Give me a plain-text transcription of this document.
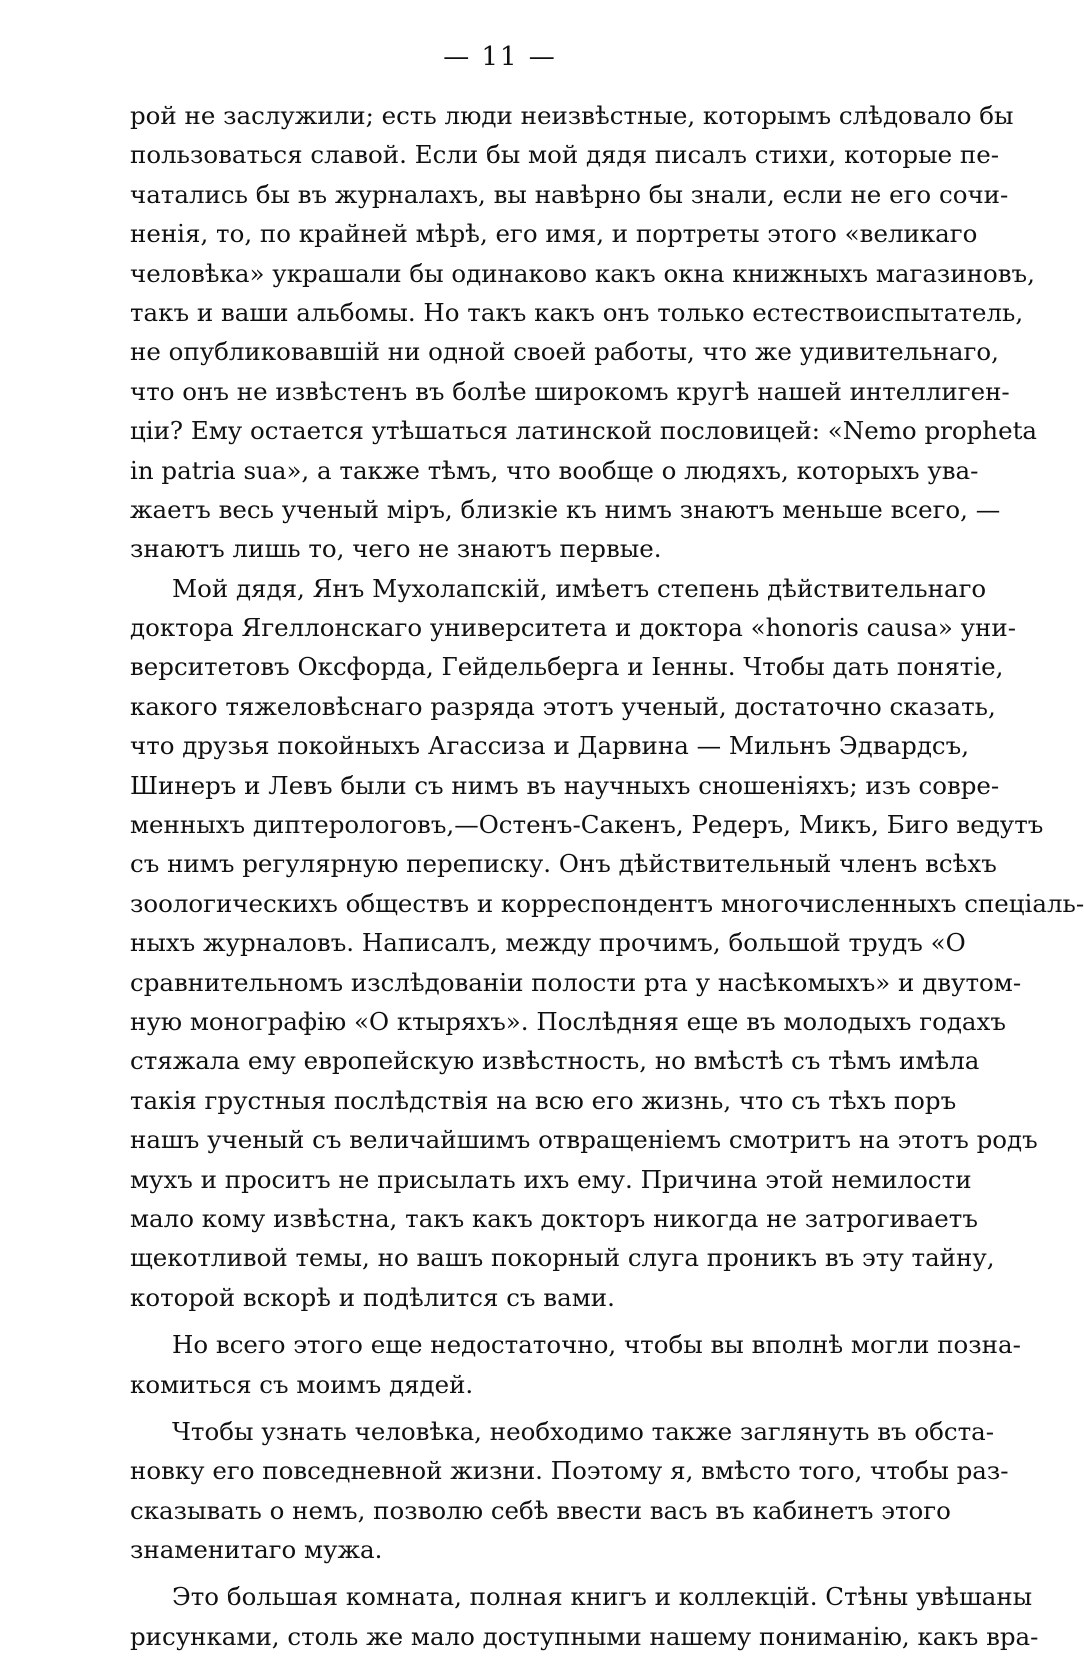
— 11 —
рой не заслужили; есть люди неизвѣстные, которымъ слѣдовало бы
пользоваться славой. Если бы мой дядя писалъ стихи, которые пе-
чатались бы въ журналахъ, вы навѣрно бы знали, если не его сочи-
ненія, то, по крайней мѣрѣ, его имя, и портреты этого «великаго
человѣка» украшали бы одинаково какъ окна книжныхъ магазиновъ,
такъ и ваши альбомы. Но такъ какъ онъ только естествоиспытатель,
не опубликовавшій ни одной своей работы, что же удивительнаго,
что онъ не извѣстенъ въ болѣе широкомъ кругѣ нашей интеллиген-
ціи? Ему остается утѣшаться латинской пословицей: «Nemo propheta
in patria sua», а также тѣмъ, что вообще о людяхъ, которыхъ ува-
жаетъ весь ученый міръ, близкіе къ нимъ знаютъ меньше всего, —
знаютъ лишь то, чего не знаютъ первые.
Мой дядя, Янъ Мухолапскій, имѣетъ степень дѣйствительнаго
доктора Ягеллонскаго университета и доктора «honoris causa» уни-
верситетовъ Оксфорда, Гейдельберга и Іенны. Чтобы дать понятіе,
какого тяжеловѣснаго разряда этотъ ученый, достаточно сказать,
что друзья покойныхъ Агассиза и Дарвина — Мильнъ Эдвардсъ,
Шинеръ и Левъ были съ нимъ въ научныхъ сношеніяхъ; изъ совре-
менныхъ диптерологовъ,—Остенъ-Сакенъ, Редеръ, Микъ, Биго ведутъ
съ нимъ регулярную переписку. Онъ дѣйствительный членъ всѣхъ
зоологическихъ обществъ и корреспондентъ многочисленныхъ спеціаль-
ныхъ журналовъ. Написалъ, между прочимъ, большой трудъ «О
сравнительномъ изслѣдованіи полости рта у насѣкомыхъ» и двутом-
ную монографію «О ктыряхъ». Послѣдняя еще въ молодыхъ годахъ
стяжала ему европейскую извѣстность, но вмѣстѣ съ тѣмъ имѣла
такія грустныя послѣдствія на всю его жизнь, что съ тѣхъ поръ
нашъ ученый съ величайшимъ отвращеніемъ смотритъ на этотъ родъ
мухъ и проситъ не присылать ихъ ему. Причина этой немилости
мало кому извѣстна, такъ какъ докторъ никогда не затрогиваетъ
щекотливой темы, но вашъ покорный слуга проникъ въ эту тайну,
которой вскорѣ и подѣлится съ вами.
Но всего этого еще недостаточно, чтобы вы вполнѣ могли позна-
комиться съ моимъ дядей.
Чтобы узнать человѣка, необходимо также заглянуть въ обста-
новку его повседневной жизни. Поэтому я, вмѣсто того, чтобы раз-
сказывать о немъ, позволю себѣ ввести васъ въ кабинетъ этого
знаменитаго мужа.
Это большая комната, полная книгъ и коллекцій. Стѣны увѣшаны
рисунками, столь же мало доступными нашему пониманію, какъ вра-
